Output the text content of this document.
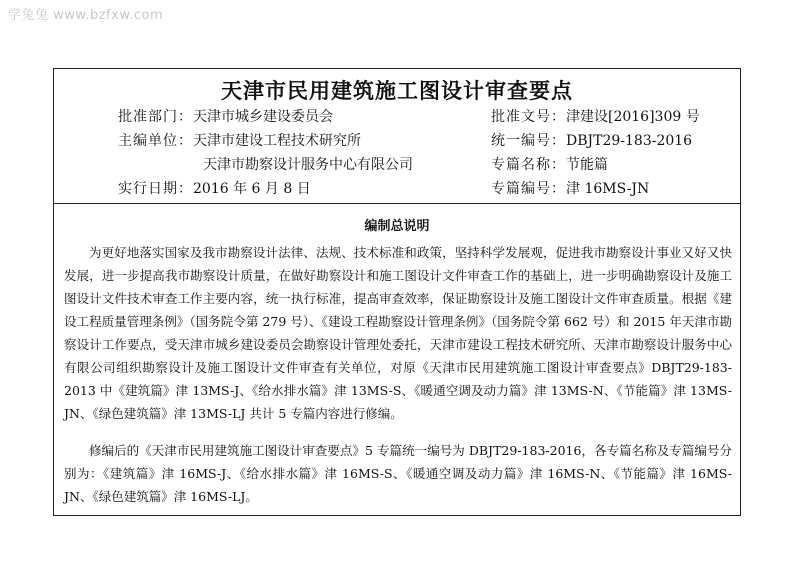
学兔兔 www.bzfxw.com
天津市民用建筑施工图设计审查要点
批准部门：天津市城乡建设委员会
主编单位：天津市建设工程技术研究所
天津市勘察设计服务中心有限公司
实行日期：2016 年 6 月 8 日
批准文号：津建设[2016]309 号
统一编号：DBJT29-183-2016
专篇名称：节能篇
专篇编号：津 16MS-JN
编制总说明

为更好地落实国家及我市勘察设计法律、法规、技术标准和政策，坚持科学发展观，促进我市勘察设计事业又好又快发展，进一步提高我市勘察设计质量，在做好勘察设计和施工图设计文件审查工作的基础上，进一步明确勘察设计及施工图设计文件技术审查工作主要内容，统一执行标准，提高审查效率，保证勘察设计及施工图设计文件审查质量。根据《建设工程质量管理条例》（国务院令第 279 号）、《建设工程勘察设计管理条例》（国务院令第 662 号）和 2015 年天津市勘察设计工作要点，受天津市城乡建设委员会勘察设计管理处委托，天津市建设工程技术研究所、天津市勘察设计服务中心有限公司组织勘察设计及施工图设计文件审查有关单位，对原《天津市民用建筑施工图设计审查要点》DBJT29-183-2013 中《建筑篇》津 13MS-J、《给水排水篇》津 13MS-S、《暖通空调及动力篇》津 13MS-N、《节能篇》津 13MS-JN、《绿色建筑篇》津 13MS-LJ 共计 5 专篇内容进行修编。

修编后的《天津市民用建筑施工图设计审查要点》5 专篇统一编号为 DBJT29-183-2016，各专篇名称及专篇编号分别为：《建筑篇》津 16MS-J、《给水排水篇》津 16MS-S、《暖通空调及动力篇》津 16MS-N、《节能篇》津 16MS-JN、《绿色建筑篇》津 16MS-LJ。
